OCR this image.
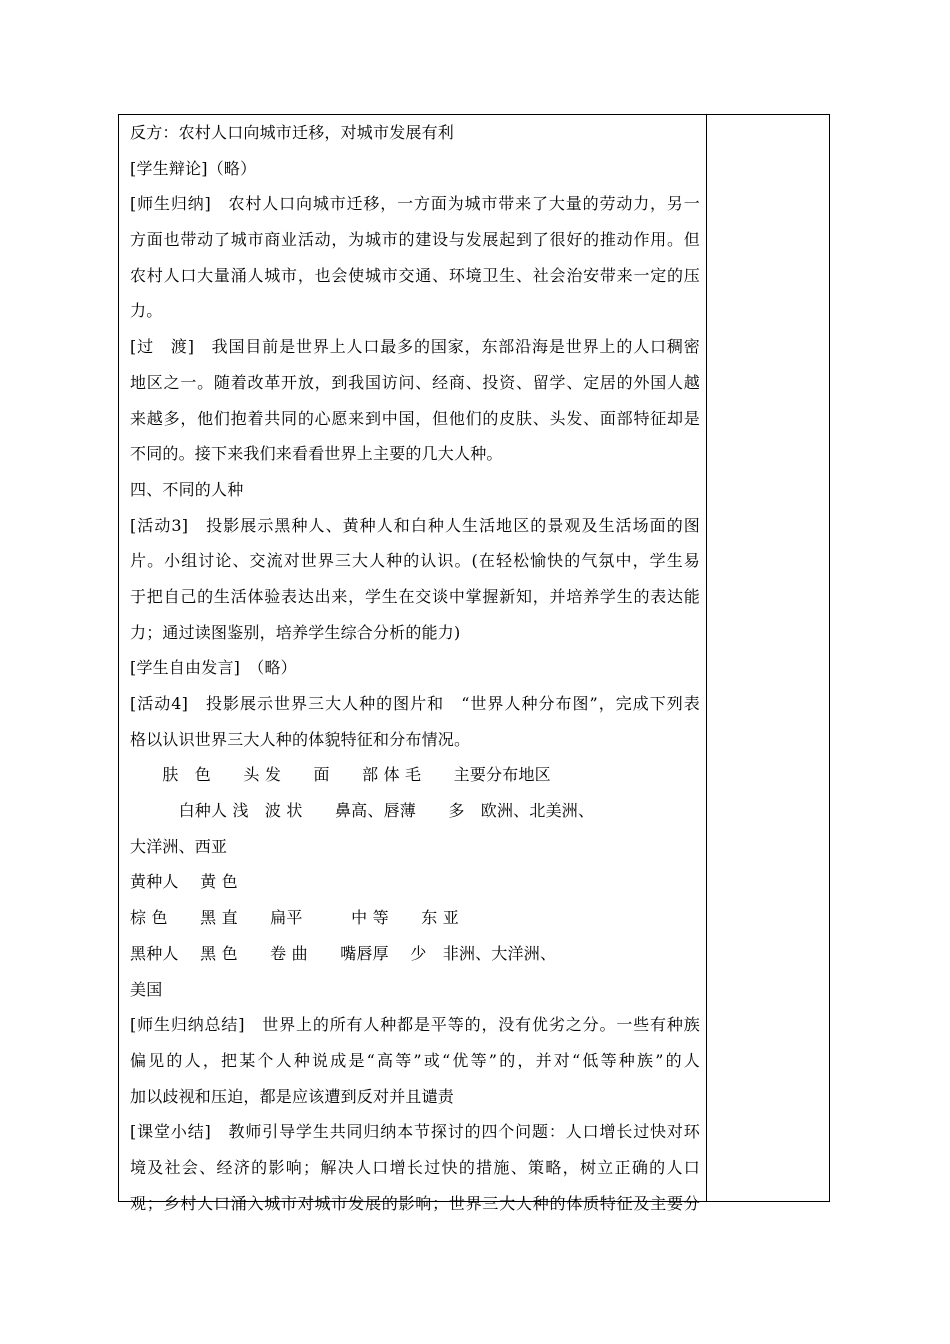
反方：农村人口向城市迁移，对城市发展有利
[学生辩论]（略）
[师生归纳]　农村人口向城市迁移，一方面为城市带来了大量的劳动力，另一
方面也带动了城市商业活动，为城市的建设与发展起到了很好的推动作用。但
农村人口大量涌人城市，也会使城市交通、环境卫生、社会治安带来一定的压
力。
[过　渡]　我国目前是世界上人口最多的国家，东部沿海是世界上的人口稠密
地区之一。随着改革开放，到我国访问、经商、投资、留学、定居的外国人越
来越多，他们抱着共同的心愿来到中国，但他们的皮肤、头发、面部特征却是
不同的。接下来我们来看看世界上主要的几大人种。
四、不同的人种
[活动3]　投影展示黑种人、黄种人和白种人生活地区的景观及生活场面的图
片。小组讨论、交流对世界三大人种的认识。(在轻松愉快的气氛中，学生易
于把自己的生活体验表达出来，学生在交谈中掌握新知，并培养学生的表达能
力；通过读图鉴别，培养学生综合分析的能力)
[学生自由发言]　（略）
[活动4]　投影展示世界三大人种的图片和　“世界人种分布图”，完成下列表
格以认识世界三大人种的体貌特征和分布情况。
　　肤　色　　头 发　　面　　部 体 毛　　主要分布地区
　　　白种人 浅　波 状　　鼻高、唇薄　　多　欧洲、北美洲、
大洋洲、西亚
黄种人　 黄 色
棕 色　　黑 直　　扁平　　　中 等　　东 亚
黑种人　 黑 色　　卷 曲　　嘴唇厚　 少　非洲、大洋洲、
美国
[师生归纳总结]　世界上的所有人种都是平等的，没有优劣之分。一些有种族
偏见的人，把某个人种说成是“高等”或“优等”的，并对“低等种族”的人
加以歧视和压迫，都是应该遭到反对并且谴责
[课堂小结]　教师引导学生共同归纳本节探讨的四个问题：人口增长过快对环
境及社会、经济的影响；解决人口增长过快的措施、策略，树立正确的人口
观；乡村人口涌入城市对城市发展的影响；世界三大人种的体质特征及主要分
